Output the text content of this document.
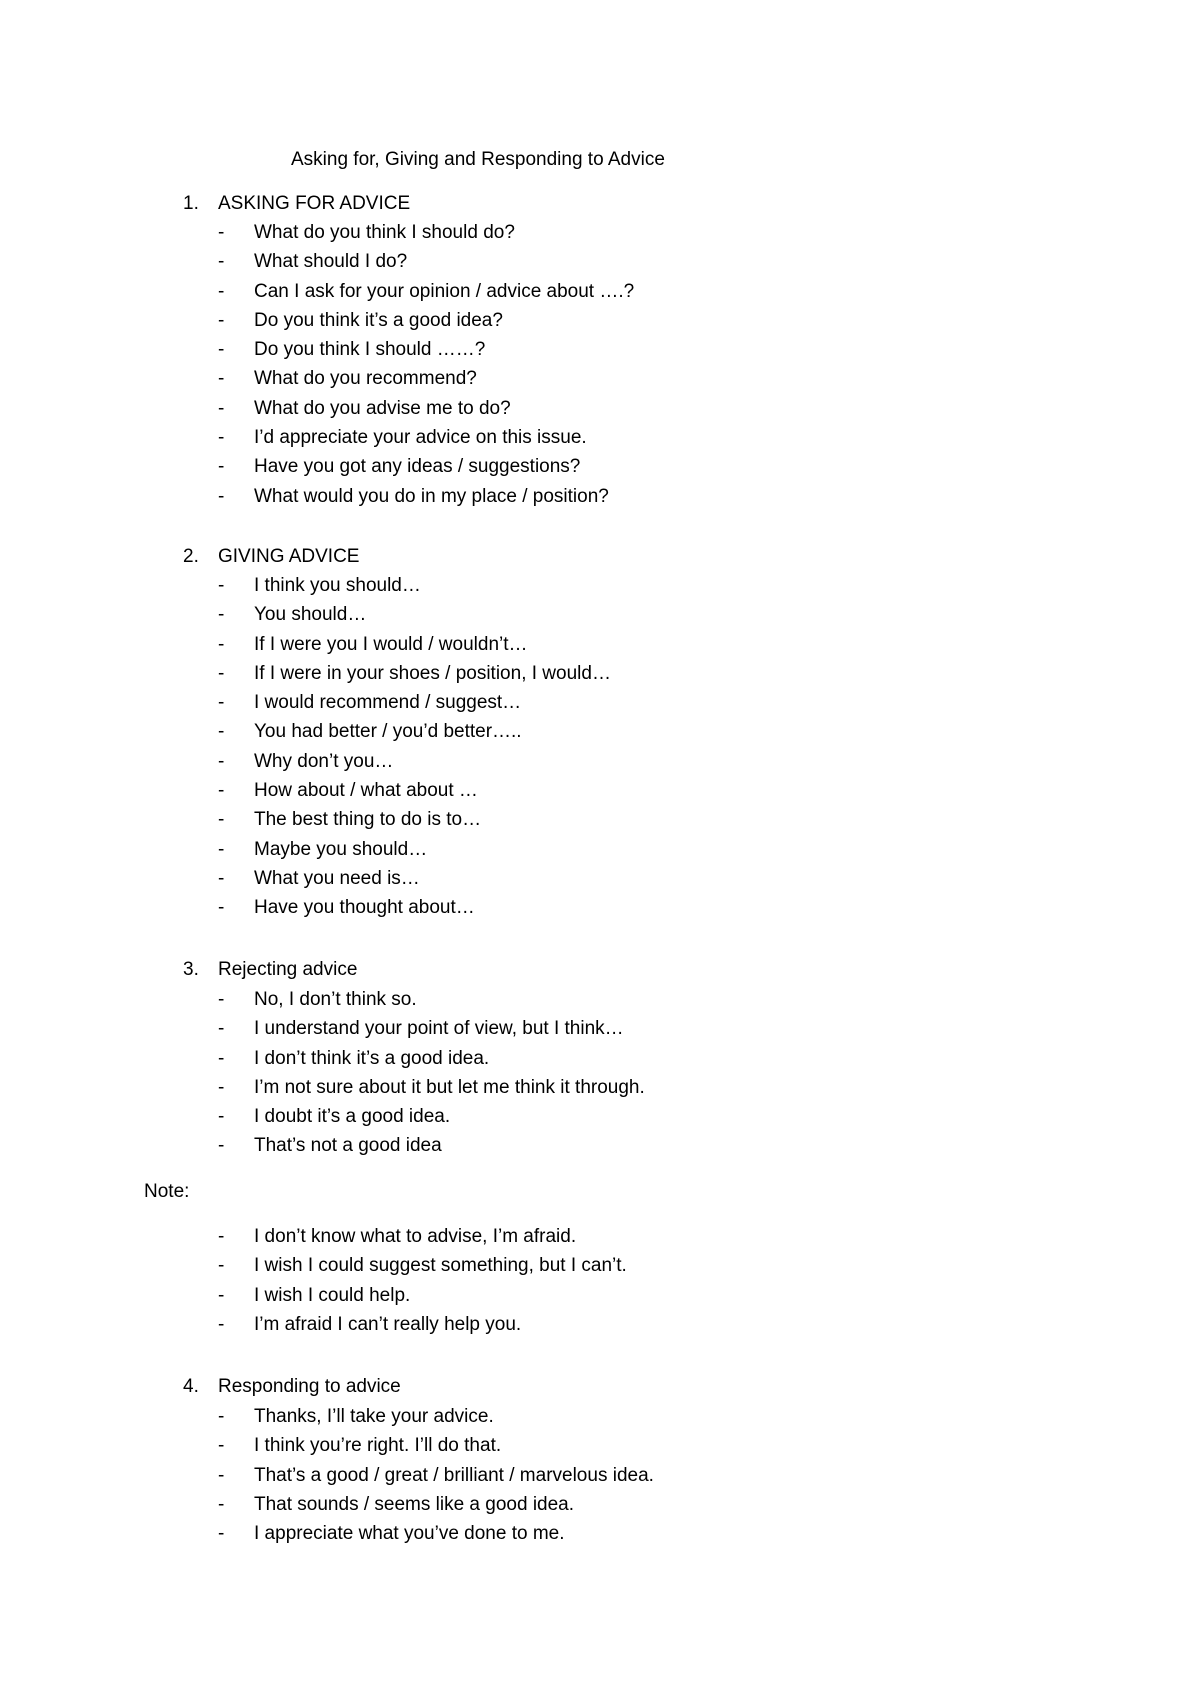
Asking for, Giving and Responding to Advice
1. ASKING FOR ADVICE
- What do you think I should do?
- What should I do?
- Can I ask for your opinion / advice about ….?
- Do you think it’s a good idea?
- Do you think I should ……?
- What do you recommend?
- What do you advise me to do?
- I’d appreciate your advice on this issue.
- Have you got any ideas / suggestions?
- What would you do in my place / position?
2. GIVING ADVICE
- I think you should…
- You should…
- If I were you I would / wouldn’t…
- If I were in your shoes / position, I would…
- I would recommend / suggest…
- You had better / you’d better…..
- Why don’t you…
- How about / what about …
- The best thing to do is to…
- Maybe you should…
- What you need is…
- Have you thought about…
3. Rejecting advice
- No, I don’t think so.
- I understand your point of view, but I think…
- I don’t think it’s a good idea.
- I’m not sure about it but let me think it through.
- I doubt it’s a good idea.
- That’s not a good idea
Note:
- I don’t know what to advise, I’m afraid.
- I wish I could suggest something, but I can’t.
- I wish I could help.
- I’m afraid I can’t really help you.
4. Responding to advice
- Thanks, I’ll take your advice.
- I think you’re right. I’ll do that.
- That’s a good / great / brilliant / marvelous idea.
- That sounds / seems like a good idea.
- I appreciate what you’ve done to me.
